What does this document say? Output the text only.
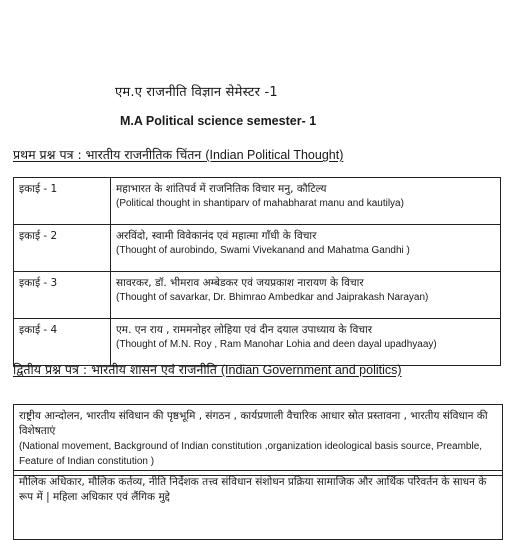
एम.ए राजनीति विज्ञान सेमेस्टर -1
M.A Political science semester- 1
प्रथम प्रश्न पत्र : भारतीय राजनीतिक चिंतन (Indian Political Thought)
इकाई - 1	महाभारत के शांतिपर्व में राजनितिक विचार मनु, कौटिल्य
(Political thought in shantiparv of mahabharat manu and kautilya)

इकाई - 2	अरविंदो, स्वामी विवेकानंद एवं महात्मा गाँधी के विचार
(Thought of aurobindo, Swami Vivekanand and Mahatma Gandhi )

इकाई - 3	सावरकर, डॉ. भीमराव अम्बेडकर एवं जयप्रकाश नारायण के विचार
(Thought of savarkar, Dr. Bhimrao Ambedkar and Jaiprakash Narayan)

इकाई - 4	एम. एन राय , राममनोहर लोहिया एवं दीन दयाल उपाध्याय के विचार
(Thought of M.N. Roy , Ram Manohar Lohia and deen dayal upadhyaay)
द्वितीय प्रश्न पत्र : भारतीय शासन एवं राजनीति (Indian Government and politics)
राष्ट्रीय आन्दोलन, भारतीय संविधान की पृष्ठभूमि , संगठन , कार्यप्रणाली वैचारिक आधार स्रोत प्रस्तावना , भारतीय संविधान की विशेषताएं
(National movement, Background of Indian constitution ,organization ideological basis source, Preamble, Feature of Indian constitution )
मौलिक अधिकार, मौलिक कर्तव्य, नीति निर्देशक तत्त्व संविधान संशोधन प्रक्रिया सामाजिक और आर्थिक परिवर्तन के साधन के रूप में | महिला अधिकार एवं लैंगिक मुद्दे
